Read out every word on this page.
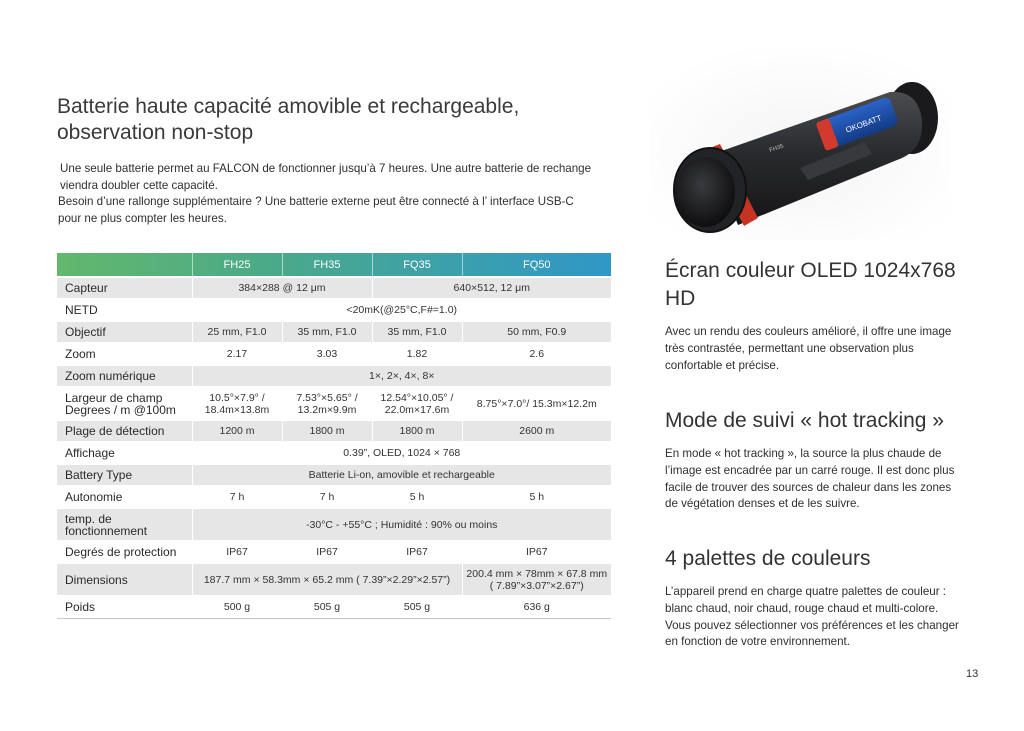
Batterie haute capacité amovible et rechargeable, observation non-stop

Une seule batterie permet au FALCON de fonctionner jusqu’à 7 heures. Une autre batterie de rechange viendra doubler cette capacité.

Besoin d’une rallonge supplémentaire ? Une batterie externe peut être connecté à l’ interface USB-C pour ne plus compter les heures.

	FH25	FH35	FQ35	FQ50
Capteur	384×288 @ 12 μm		640×512, 12 μm	
NETD	<20mK(@25°C,F#=1.0)			
Objectif	25 mm, F1.0	35 mm, F1.0	35 mm, F1.0	50 mm, F0.9
Zoom	2.17	3.03	1.82	2.6
Zoom numérique	1×, 2×, 4×, 8×			
Largeur de champ Degrees / m @100m	10.5°×7.9° / 18.4m×13.8m	7.53°×5.65° / 13.2m×9.9m	12.54°×10.05° / 22.0m×17.6m	8.75°×7.0°/ 15.3m×12.2m
Plage de détection	1200 m	1800 m	1800 m	2600 m
Affichage	0.39”, OLED, 1024 × 768			
Battery Type	Batterie Li-on, amovible et rechargeable			
Autonomie	7 h	7 h	5 h	5 h
temp. de fonctionnement	-30°C - +55°C ; Humidité : 90% ou moins			
Degrés de protection	IP67	IP67	IP67	IP67
Dimensions	187.7 mm × 58.3mm × 65.2 mm ( 7.39”×2.29”×2.57”)			200.4 mm × 78mm × 67.8 mm ( 7.89”×3.07”×2.67”)
Poids	500 g	505 g	505 g	636 g
OKOBATT
FH35
Écran couleur OLED 1024x768 HD

Avec un rendu des couleurs amélioré, il offre une image très contrastée, permettant une observation plus confortable et précise.

Mode de suivi « hot tracking »

En mode « hot tracking », la source la plus chaude de l’image est encadrée par un carré rouge. Il est donc plus facile de trouver des sources de chaleur dans les zones de végétation denses et de les suivre.

4 palettes de couleurs

L’appareil prend en charge quatre palettes de couleur : blanc chaud, noir chaud, rouge chaud et multi-colore. Vous pouvez sélectionner vos préférences et les changer en fonction de votre environnement.

13
